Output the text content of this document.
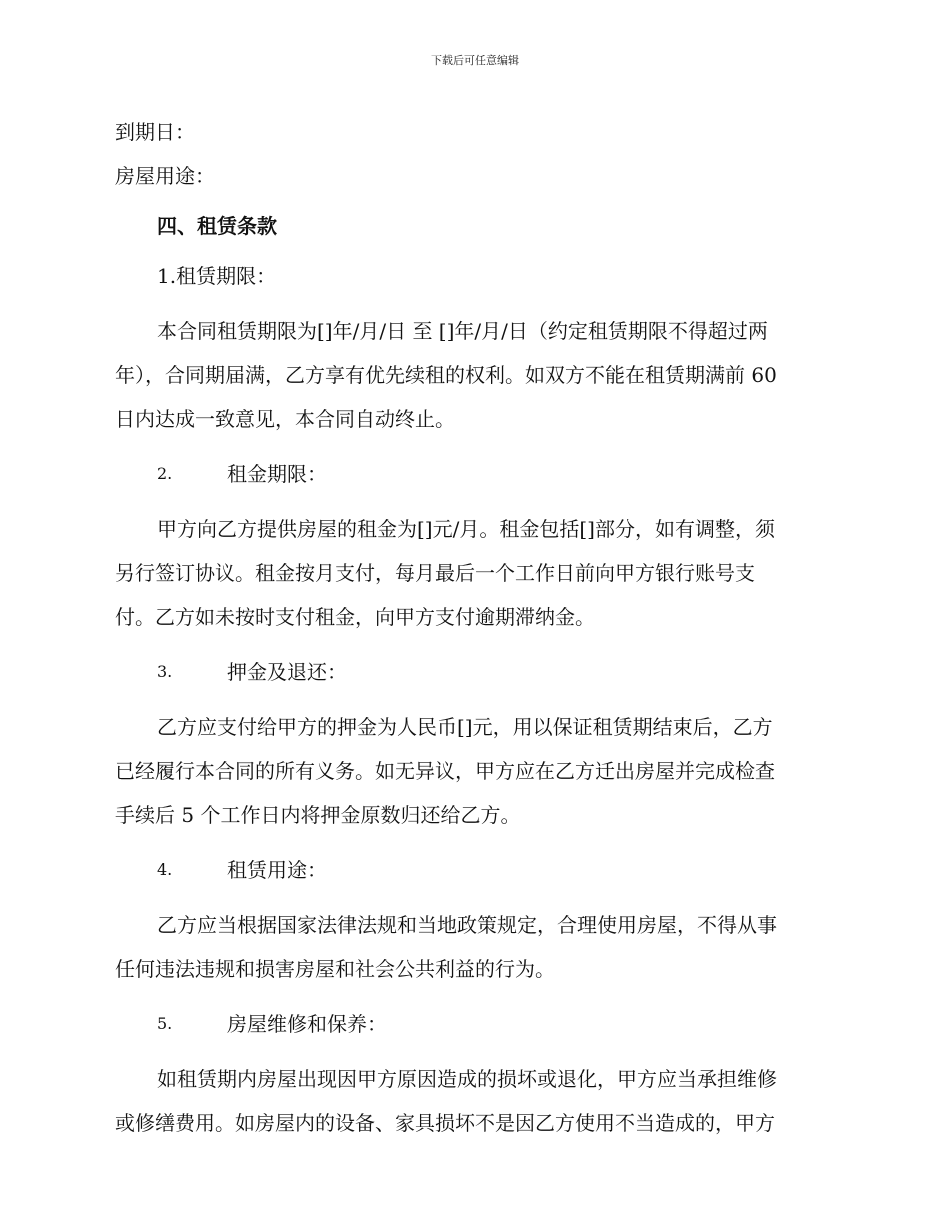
下载后可任意编辑
到期日：
房屋用途：
四、租赁条款
1.租赁期限：
本合同租赁期限为[]年/月/日 至 []年/月/日（约定租赁期限不得超过两
年），合同期届满，乙方享有优先续租的权利。如双方不能在租赁期满前 60
日内达成一致意见，本合同自动终止。
2.	租金期限：
甲方向乙方提供房屋的租金为[]元/月。租金包括[]部分，如有调整，须
另行签订协议。租金按月支付，每月最后一个工作日前向甲方银行账号支
付。乙方如未按时支付租金，向甲方支付逾期滞纳金。
3.	押金及退还：
乙方应支付给甲方的押金为人民币[]元，用以保证租赁期结束后，乙方
已经履行本合同的所有义务。如无异议，甲方应在乙方迁出房屋并完成检查
手续后 5 个工作日内将押金原数归还给乙方。
4.	租赁用途：
乙方应当根据国家法律法规和当地政策规定，合理使用房屋，不得从事
任何违法违规和损害房屋和社会公共利益的行为。
5.	房屋维修和保养：
如租赁期内房屋出现因甲方原因造成的损坏或退化，甲方应当承担维修
或修缮费用。如房屋内的设备、家具损坏不是因乙方使用不当造成的，甲方
